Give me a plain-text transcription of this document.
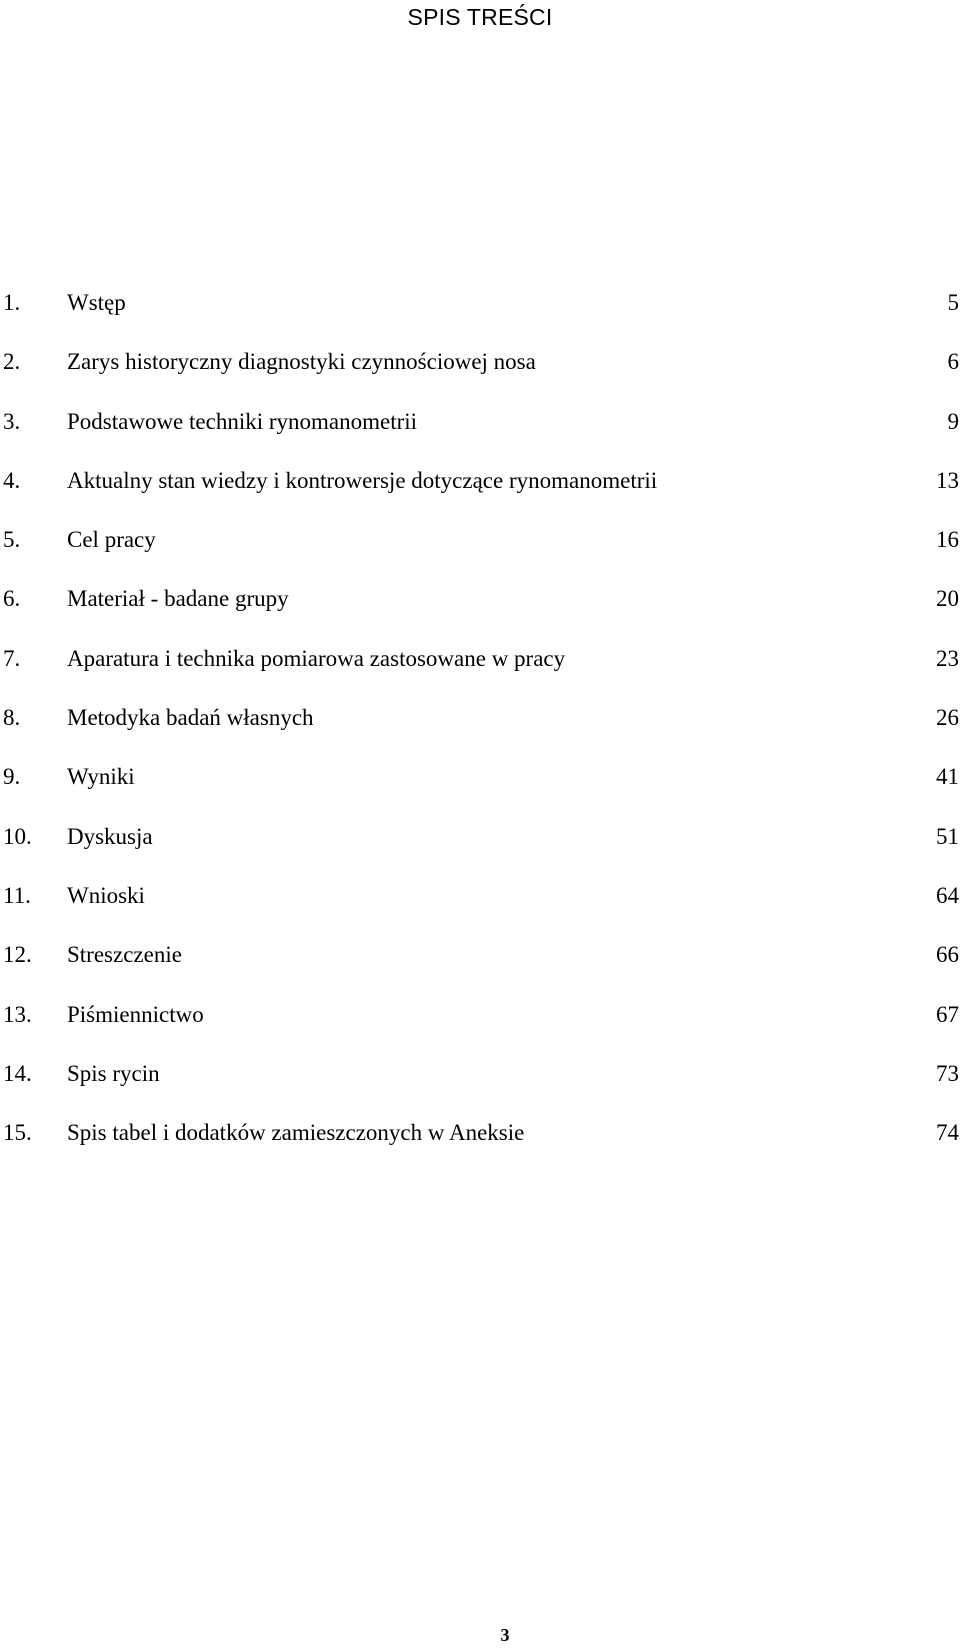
SPIS TREŚCI
1. Wstęp	5
2. Zarys historyczny diagnostyki czynnościowej nosa	6
3. Podstawowe techniki rynomanometrii	9
4. Aktualny stan wiedzy i kontrowersje dotyczące rynomanometrii	13
5. Cel pracy	16
6. Materiał - badane grupy	20
7. Aparatura i technika pomiarowa zastosowane w pracy	23
8. Metodyka badań własnych	26
9. Wyniki	41
10. Dyskusja	51
11. Wnioski	64
12. Streszczenie	66
13. Piśmiennictwo	67
14. Spis rycin	73
15. Spis tabel i dodatków zamieszczonych w Aneksie	74
3
